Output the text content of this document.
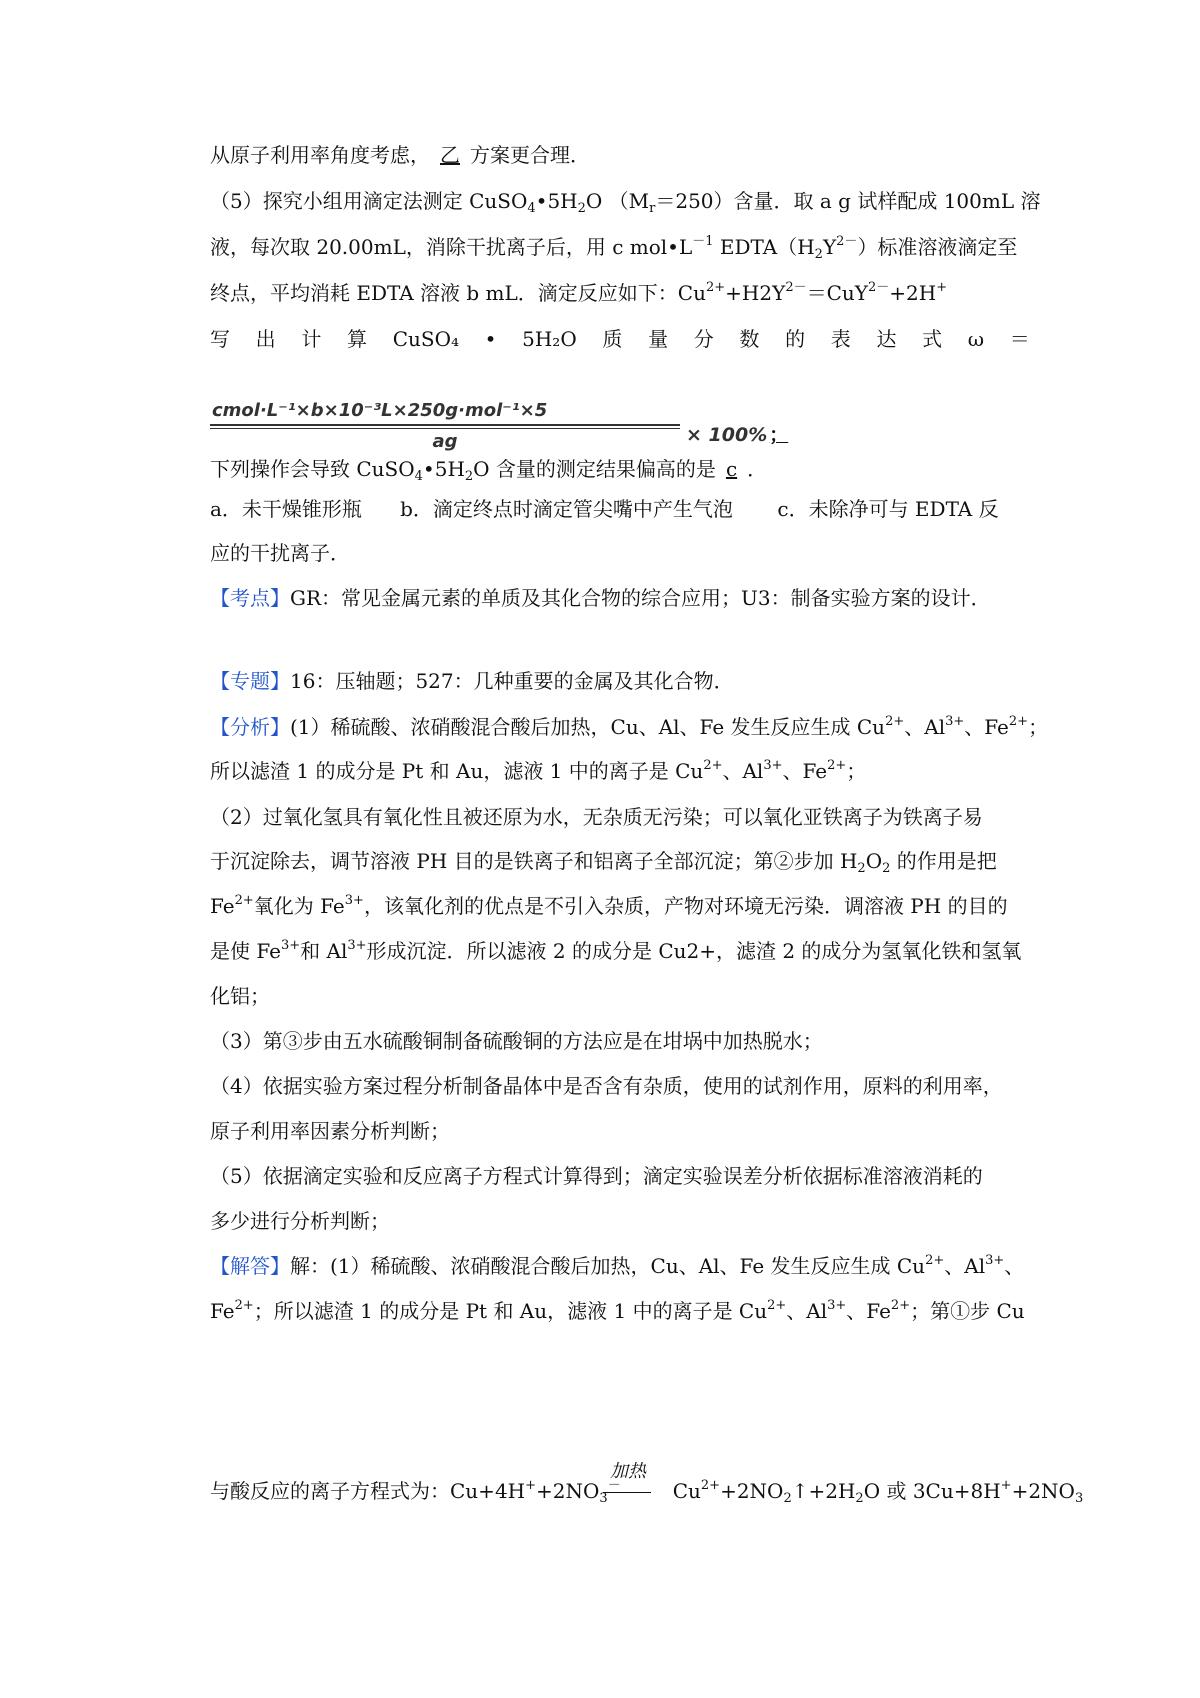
从原子利用率角度考虑， 乙 方案更合理．
（5）探究小组用滴定法测定 $CuSO_4•5H_2O$ $(M_r=250)$含量．取 a g 试样配成 100mL 溶
液，每次取 20.00mL，消除干扰离子后，用 c $mol•L^{-1}$ $EDTA(H_2Y^{2-})$标准溶液滴定至
终点，平均消耗 EDTA 溶液 b mL．滴定反应如下：$Cu^{2+}+H2Y^{2-}=CuY^{2-}+2H^+$
写 出 计 算 CuSO₄ • 5H₂O 质 量 分 数 的 表 达 式 ω ＝
cmol·L⁻¹×b×10⁻³L×250g·mol⁻¹×5
ag	× 100% ；
下列操作会导致 $CuSO_4•5H_2O$ 含量的测定结果偏高的是 c ．
a．未干燥锥形瓶      b．滴定终点时滴定管尖嘴中产生气泡       c．未除净可与 EDTA 反
应的干扰离子．
【考点】GR：常见金属元素的单质及其化合物的综合应用；U3：制备实验方案的设计．
【专题】16：压轴题；527：几种重要的金属及其化合物．
【分析】(1）稀硫酸、浓硝酸混合酸后加热，Cu、Al、Fe 发生反应生成 $Cu^{2+}$、$Al^{3+}$、$Fe^{2+}$；
所以滤渣 1 的成分是 Pt 和 Au，滤液 1 中的离子是 $Cu^{2+}$、$Al^{3+}$、$Fe^{2+}$；
（2）过氧化氢具有氧化性且被还原为水，无杂质无污染；可以氧化亚铁离子为铁离子易
于沉淀除去，调节溶液 PH 目的是铁离子和铝离子全部沉淀；第②步加 $H_2O_2$ 的作用是把
$Fe^{2+}$氧化为 $Fe^{3+}$，该氧化剂的优点是不引入杂质，产物对环境无污染．调溶液 PH 的目的
是使 $Fe^{3+}$和 $Al^{3+}$形成沉淀．所以滤液 2 的成分是 Cu2+，滤渣 2 的成分为氢氧化铁和氢氧
化铝；
（3）第③步由五水硫酸铜制备硫酸铜的方法应是在坩埚中加热脱水；
（4）依据实验方案过程分析制备晶体中是否含有杂质，使用的试剂作用，原料的利用率，
原子利用率因素分析判断；
（5）依据滴定实验和反应离子方程式计算得到；滴定实验误差分析依据标准溶液消耗的
多少进行分析判断；
【解答】解：(1）稀硫酸、浓硝酸混合酸后加热，Cu、Al、Fe 发生反应生成 $Cu^{2+}$、$Al^{3+}$、
$Fe^{2+}$；所以滤渣 1 的成分是 Pt 和 Au，滤液 1 中的离子是 $Cu^{2+}$、$Al^{3+}$、$Fe^{2+}$；第①步 Cu
加热
与酸反应的离子方程式为：$Cu+4H^++2NO_3^-$	$Cu^{2+}+2NO_2↑+2H_2O$ 或 $3Cu+8H^++2NO_3$
